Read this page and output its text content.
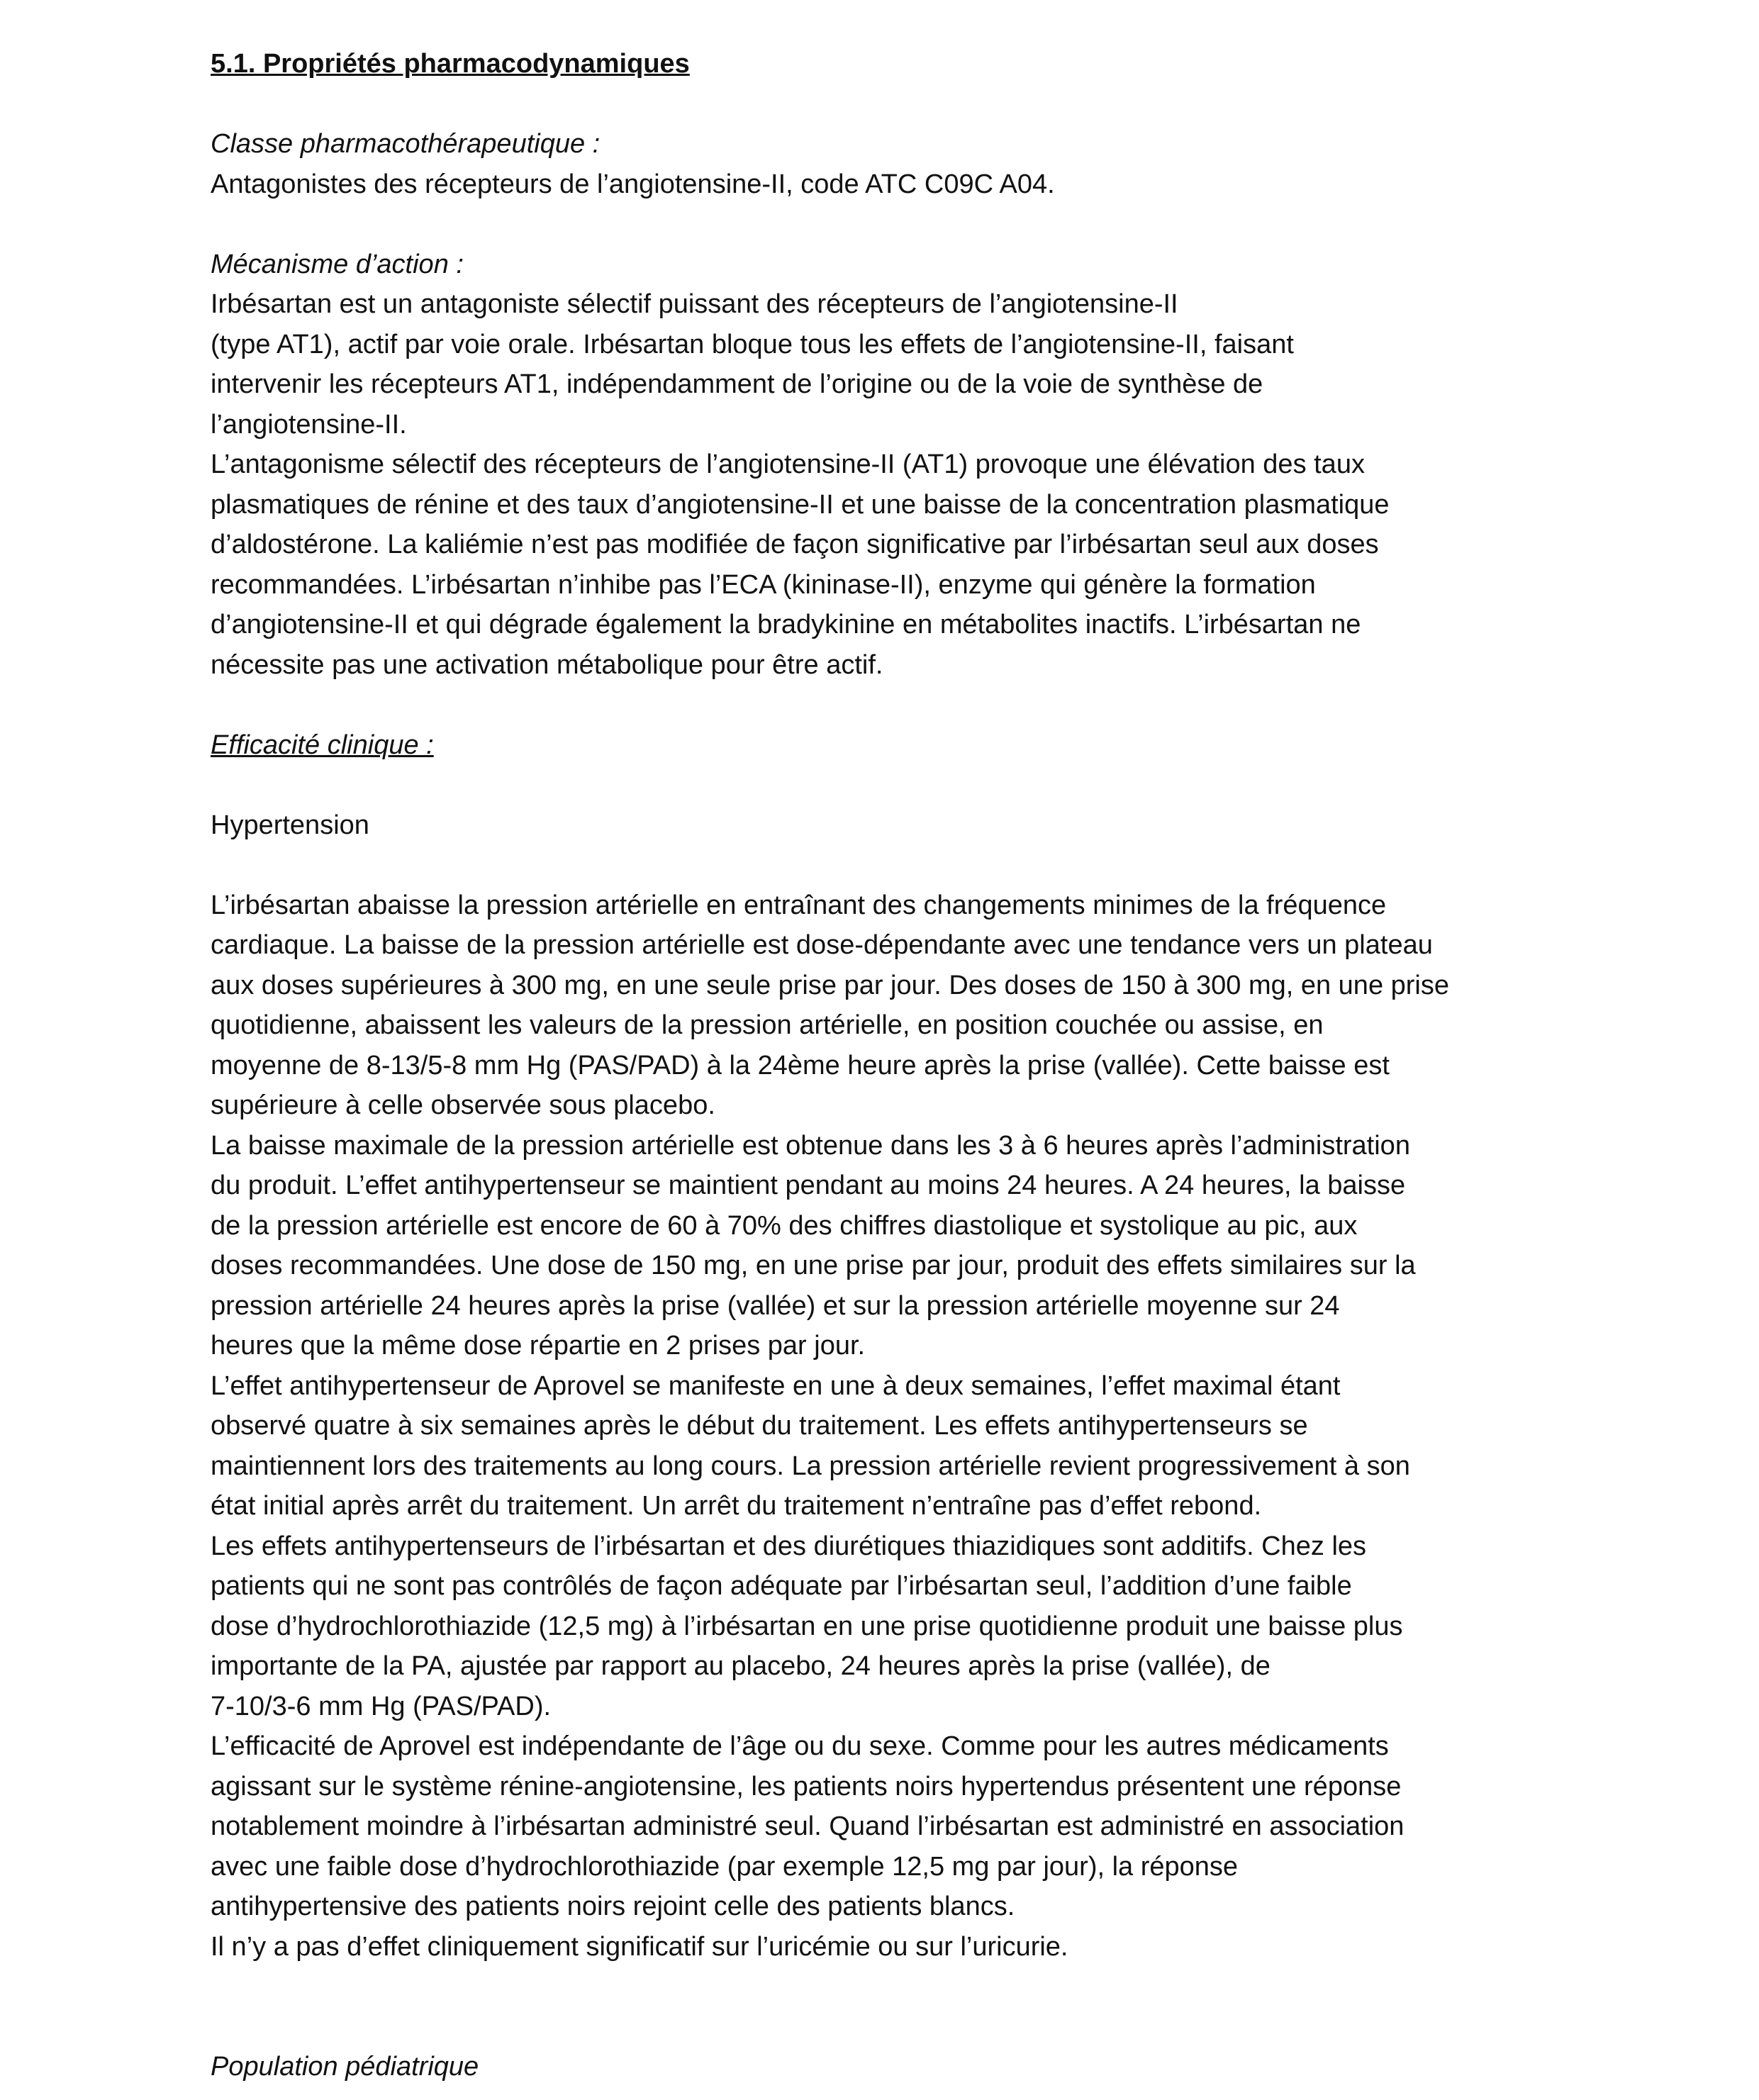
5.1. Propriétés pharmacodynamiques
Classe pharmacothérapeutique :
Antagonistes des récepteurs de l’angiotensine-II, code ATC C09C A04.
Mécanisme d’action :
Irbésartan est un antagoniste sélectif puissant des récepteurs de l’angiotensine-II
(type AT1), actif par voie orale. Irbésartan bloque tous les effets de l’angiotensine-II, faisant
intervenir les récepteurs AT1, indépendamment de l’origine ou de la voie de synthèse de
l’angiotensine-II.
L’antagonisme sélectif des récepteurs de l’angiotensine-II (AT1) provoque une élévation des taux
plasmatiques de rénine et des taux d’angiotensine-II et une baisse de la concentration plasmatique
d’aldostérone. La kaliémie n’est pas modifiée de façon significative par l’irbésartan seul aux doses
recommandées. L’irbésartan n’inhibe pas l’ECA (kininase-II), enzyme qui génère la formation
d’angiotensine-II et qui dégrade également la bradykinine en métabolites inactifs. L’irbésartan ne
nécessite pas une activation métabolique pour être actif.
Efficacité clinique :
Hypertension
L’irbésartan abaisse la pression artérielle en entraînant des changements minimes de la fréquence
cardiaque. La baisse de la pression artérielle est dose-dépendante avec une tendance vers un plateau
aux doses supérieures à 300 mg, en une seule prise par jour. Des doses de 150 à 300 mg, en une prise
quotidienne, abaissent les valeurs de la pression artérielle, en position couchée ou assise, en
moyenne de 8-13/5-8 mm Hg (PAS/PAD) à la 24ème heure après la prise (vallée). Cette baisse est
supérieure à celle observée sous placebo.
La baisse maximale de la pression artérielle est obtenue dans les 3 à 6 heures après l’administration
du produit. L’effet antihypertenseur se maintient pendant au moins 24 heures. A 24 heures, la baisse
de la pression artérielle est encore de 60 à 70% des chiffres diastolique et systolique au pic, aux
doses recommandées. Une dose de 150 mg, en une prise par jour, produit des effets similaires sur la
pression artérielle 24 heures après la prise (vallée) et sur la pression artérielle moyenne sur 24
heures que la même dose répartie en 2 prises par jour.
L’effet antihypertenseur de Aprovel se manifeste en une à deux semaines, l’effet maximal étant
observé quatre à six semaines après le début du traitement. Les effets antihypertenseurs se
maintiennent lors des traitements au long cours. La pression artérielle revient progressivement à son
état initial après arrêt du traitement. Un arrêt du traitement n’entraîne pas d’effet rebond.
Les effets antihypertenseurs de l’irbésartan et des diurétiques thiazidiques sont additifs. Chez les
patients qui ne sont pas contrôlés de façon adéquate par l’irbésartan seul, l’addition d’une faible
dose d’hydrochlorothiazide (12,5 mg) à l’irbésartan en une prise quotidienne produit une baisse plus
importante de la PA, ajustée par rapport au placebo, 24 heures après la prise (vallée), de
7-10/3-6 mm Hg (PAS/PAD).
L’efficacité de Aprovel est indépendante de l’âge ou du sexe. Comme pour les autres médicaments
agissant sur le système rénine-angiotensine, les patients noirs hypertendus présentent une réponse
notablement moindre à l’irbésartan administré seul. Quand l’irbésartan est administré en association
avec une faible dose d’hydrochlorothiazide (par exemple 12,5 mg par jour), la réponse
antihypertensive des patients noirs rejoint celle des patients blancs.
Il n’y a pas d’effet cliniquement significatif sur l’uricémie ou sur l’uricurie.
Population pédiatrique
